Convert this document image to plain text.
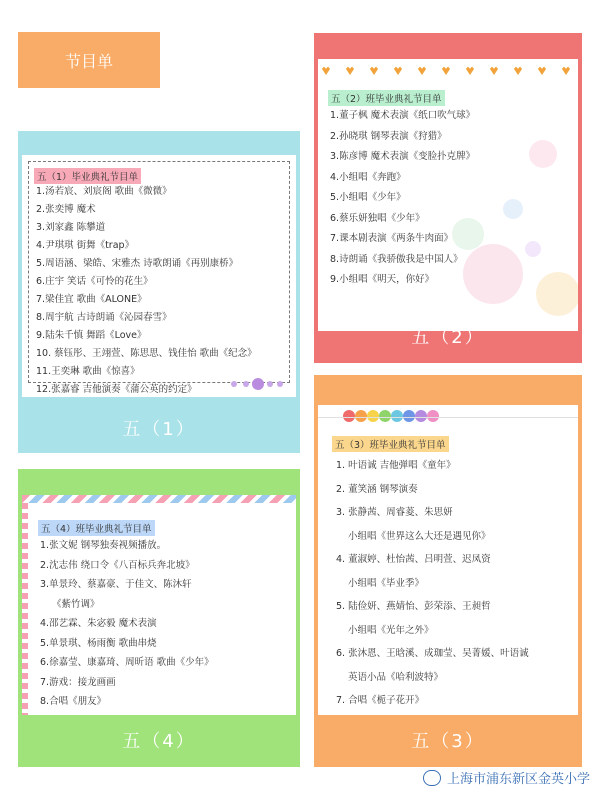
节目单
五（1）毕业典礼节目单
1.汤若宸、刘宸阁 歌曲《微微》
2.张奕博 魔术
3.刘家鑫 陈攀道
4.尹琪琪 街舞《trap》
5.周语涵、梁皓、宋雅杰 诗歌朗诵《再别康桥》
6.庄宇 笑话《可怜的花生》
7.梁佳宜 歌曲《ALONE》
8.周宇航 古诗朗诵《沁园春雪》
9.陆朱千慎 舞蹈《Love》
10. 蔡钰彤、王翊萱、陈思思、钱佳怡 歌曲《纪念》
11.王奕琳 歌曲《惊喜》
12.张嘉睿 吉他演奏《蒲公英的约定》
五（1）
五（2）班毕业典礼节目单
1.董子枫 魔术表演《纸口吹气球》
2.孙晓琪 钢琴表演《狩猎》
3.陈彦博 魔术表演《变脸扑克牌》
4.小组唱《奔跑》
5.小组唱《少年》
6.蔡乐妍独唱《少年》
7.课本剧表演《两条牛肉面》
8.诗朗诵《我骄傲我是中国人》
9.小组唱《明天，你好》
五（2）
五（3）班毕业典礼节目单
1. 叶语诚 吉他弹唱《童年》
2. 董笑涵 钢琴演奏
3. 张静茜、周睿菱、朱思妍
小组唱《世界这么大还是遇见你》
4. 董淑婷、杜怡茜、吕明萱、迟凤资
小组唱《毕业季》
5. 陆俭妍、燕婧怡、彭荣添、王昶哲
小组唱《光年之外》
6. 张沐恩、王晗溪、成珈莹、吴菁媛、叶语诚
英语小品《哈利波特》
7. 合唱《栀子花开》
五（3）
五（4）班毕业典礼节目单
1.张文妮 钢琴独奏视频播放。
2.沈志伟 绕口令《八百标兵奔北坡》
3.单景玲、蔡嘉豪、于佳文、陈沐轩
《紫竹调》
4.邵艺霖、朱宓毅 魔术表演
5.单景琪、杨雨衡 歌曲串烧
6.徐嘉莹、康嘉琦、周昕语 歌曲《少年》
7.游戏：接龙画画
8.合唱《朋友》
五（4）
上海市浦东新区金英小学
